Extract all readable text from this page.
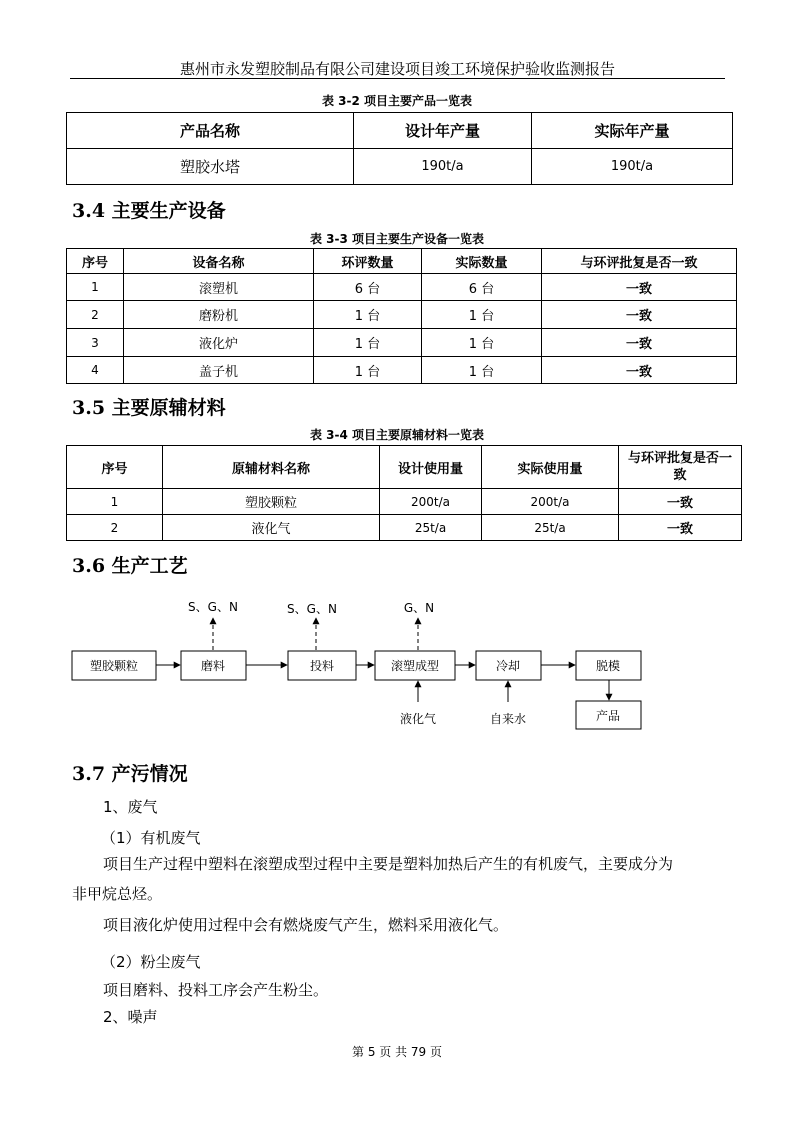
惠州市永发塑胶制品有限公司建设项目竣工环境保护验收监测报告
表 3-2 项目主要产品一览表
产品名称	设计年产量	实际年产量
塑胶水塔	190t/a	190t/a
3.4 主要生产设备
表 3-3 项目主要生产设备一览表
序号	设备名称	环评数量	实际数量	与环评批复是否一致
1	滚塑机	6 台	6 台	一致
2	磨粉机	1 台	1 台	一致
3	液化炉	1 台	1 台	一致
4	盖子机	1 台	1 台	一致
3.5 主要原辅材料
表 3-4 项目主要原辅材料一览表
序号	原辅材料名称	设计使用量	实际使用量	与环评批复是否一致
1	塑胶颗粒	200t/a	200t/a	一致
2	液化气	25t/a	25t/a	一致
3.6 生产工艺
塑胶颗粒	磨料	投料	滚塑成型	冷却	脱模
产品
S、G、N	S、G、N	G、N
液化气	自来水
3.7 产污情况
1、废气
（1）有机废气
项目生产过程中塑料在滚塑成型过程中主要是塑料加热后产生的有机废气，主要成分为
非甲烷总烃。
项目液化炉使用过程中会有燃烧废气产生，燃料采用液化气。
（2）粉尘废气
项目磨料、投料工序会产生粉尘。
2、噪声
第 5 页 共 79 页
